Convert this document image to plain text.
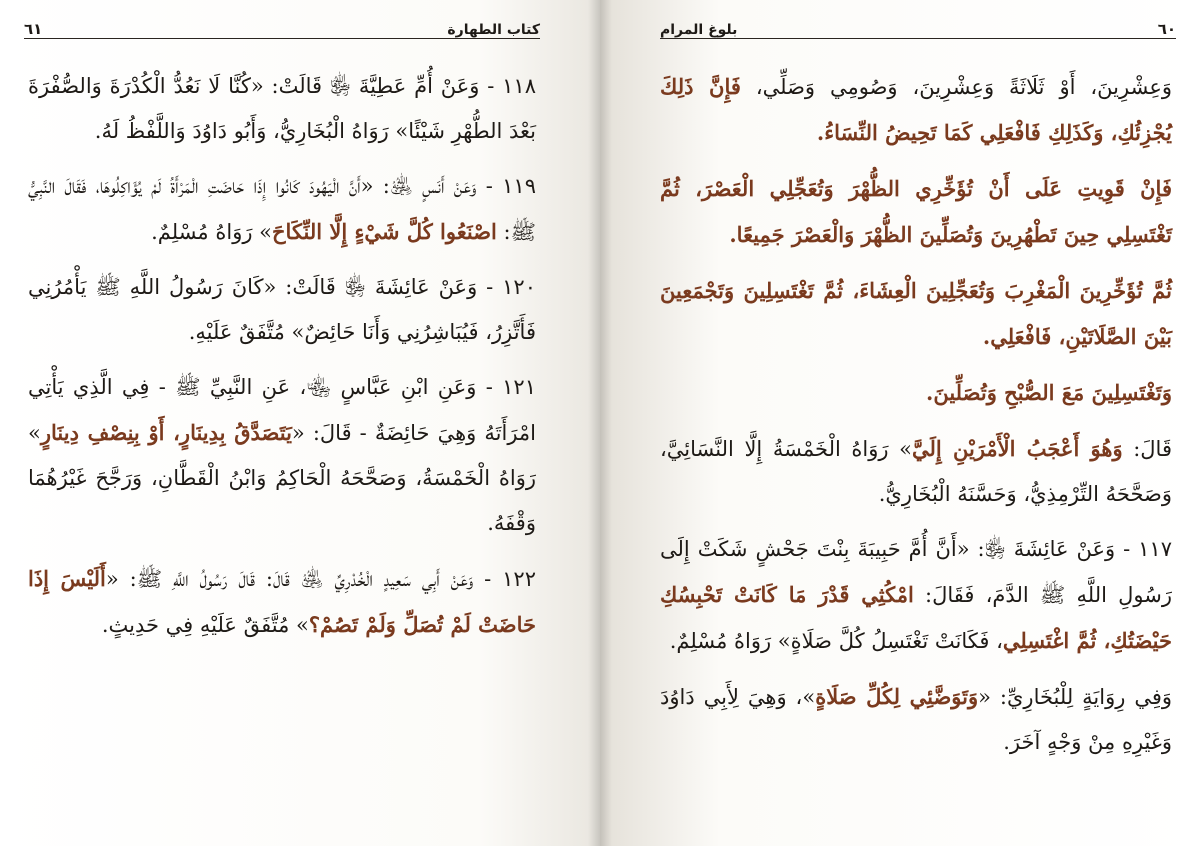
كتاب الطهارة
٦١

١١٨ - وَعَنْ أُمِّ عَطِيَّةَ ﵂ قَالَتْ: «كُنَّا لَا نَعُدُّ الْكُدْرَةَ وَالصُّفْرَةَ بَعْدَ الطُّهْرِ شَيْئًا» رَوَاهُ الْبُخَارِيُّ، وَأَبُو دَاوُدَ وَاللَّفْظُ لَهُ.

١١٩ - وَعَنْ أَنَسٍ ﵁: «أَنَّ الْيَهُودَ كَانُوا إِذَا حَاضَتِ الْمَرْأَةُ لَمْ يُؤَاكِلُوهَا، فَقَالَ النَّبِيُّ ﷺ: اصْنَعُوا كُلَّ شَيْءٍ إِلَّا النِّكَاحَ» رَوَاهُ مُسْلِمٌ.

١٢٠ - وَعَنْ عَائِشَةَ ﵂ قَالَتْ: «كَانَ رَسُولُ اللَّهِ ﷺ يَأْمُرُنِي فَأَتَّزِرُ، فَيُبَاشِرُنِي وَأَنَا حَائِضٌ» مُتَّفَقٌ عَلَيْهِ.

١٢١ - وَعَنِ ابْنِ عَبَّاسٍ ﵄، عَنِ النَّبِيِّ ﷺ - فِي الَّذِي يَأْتِي امْرَأَتَهُ وَهِيَ حَائِضَةٌ - قَالَ: «يَتَصَدَّقُ بِدِينَارٍ، أَوْ بِنِصْفِ دِينَارٍ» رَوَاهُ الْخَمْسَةُ، وَصَحَّحَهُ الْحَاكِمُ وَابْنُ الْقَطَّانِ، وَرَجَّحَ غَيْرُهُمَا وَقْفَهُ.

١٢٢ - وَعَنْ أَبِي سَعِيدٍ الْخُدْرِيِّ ﵁ قَالَ: قَالَ رَسُولُ اللَّهِ ﷺ: «أَلَيْسَ إِذَا حَاضَتْ لَمْ تُصَلِّ وَلَمْ تَصُمْ؟» مُتَّفَقٌ عَلَيْهِ فِي حَدِيثٍ.

٦٠
بلوغ المرام

وَعِشْرِينَ، أَوْ ثَلَاثَةً وَعِشْرِينَ، وَصُومِي وَصَلِّي، فَإِنَّ ذَلِكَ يُجْزِئُكِ، وَكَذَلِكِ فَافْعَلِي كَمَا تَحِيضُ النِّسَاءُ.

فَإِنْ قَوِيتِ عَلَى أَنْ تُؤَخِّرِي الظُّهْرَ وَتُعَجِّلِي الْعَصْرَ، ثُمَّ تَغْتَسِلِي حِينَ تَطْهُرِينَ وَتُصَلِّينَ الظُّهْرَ وَالْعَصْرَ جَمِيعًا.

ثُمَّ تُؤَخِّرِينَ الْمَغْرِبَ وَتُعَجِّلِينَ الْعِشَاءَ، ثُمَّ تَغْتَسِلِينَ وَتَجْمَعِينَ بَيْنَ الصَّلَاتَيْنِ، فَافْعَلِي.

وَتَغْتَسِلِينَ مَعَ الصُّبْحِ وَتُصَلِّينَ.

قَالَ: وَهُوَ أَعْجَبُ الْأَمْرَيْنِ إِلَيَّ» رَوَاهُ الْخَمْسَةُ إِلَّا النَّسَائِيَّ، وَصَحَّحَهُ التِّرْمِذِيُّ، وَحَسَّنَهُ الْبُخَارِيُّ.

١١٧ - وَعَنْ عَائِشَةَ ﵂: «أَنَّ أُمَّ حَبِيبَةَ بِنْتَ جَحْشٍ شَكَتْ إِلَى رَسُولِ اللَّهِ ﷺ الدَّمَ، فَقَالَ: امْكُثِي قَدْرَ مَا كَانَتْ تَحْبِسُكِ حَيْضَتُكِ، ثُمَّ اغْتَسِلِي، فَكَانَتْ تَغْتَسِلُ كُلَّ صَلَاةٍ» رَوَاهُ مُسْلِمٌ.

وَفِي رِوَايَةٍ لِلْبُخَارِيِّ: «وَتَوَضَّئِي لِكُلِّ صَلَاةٍ»، وَهِيَ لِأَبِي دَاوُدَ وَغَيْرِهِ مِنْ وَجْهٍ آخَرَ.
